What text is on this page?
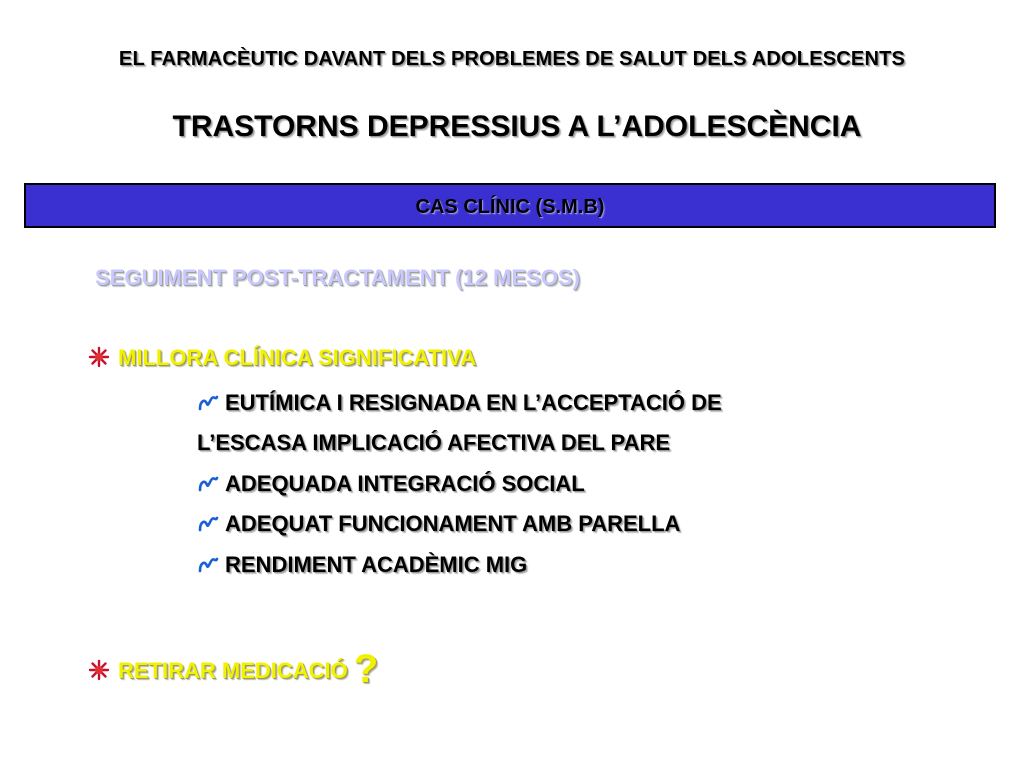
EL FARMACÈUTIC DAVANT DELS PROBLEMES DE SALUT DELS ADOLESCENTS
TRASTORNS DEPRESSIUS A L’ADOLESCÈNCIA
CAS CLÍNIC (S.M.B)
SEGUIMENT POST-TRACTAMENT (12 MESOS)
MILLORA CLÍNICA SIGNIFICATIVA
EUTÍMICA I RESIGNADA EN L’ACCEPTACIÓ DE
L’ESCASA IMPLICACIÓ AFECTIVA DEL PARE
ADEQUADA INTEGRACIÓ SOCIAL
ADEQUAT FUNCIONAMENT AMB PARELLA
RENDIMENT ACADÈMIC MIG
RETIRAR MEDICACIÓ ?
